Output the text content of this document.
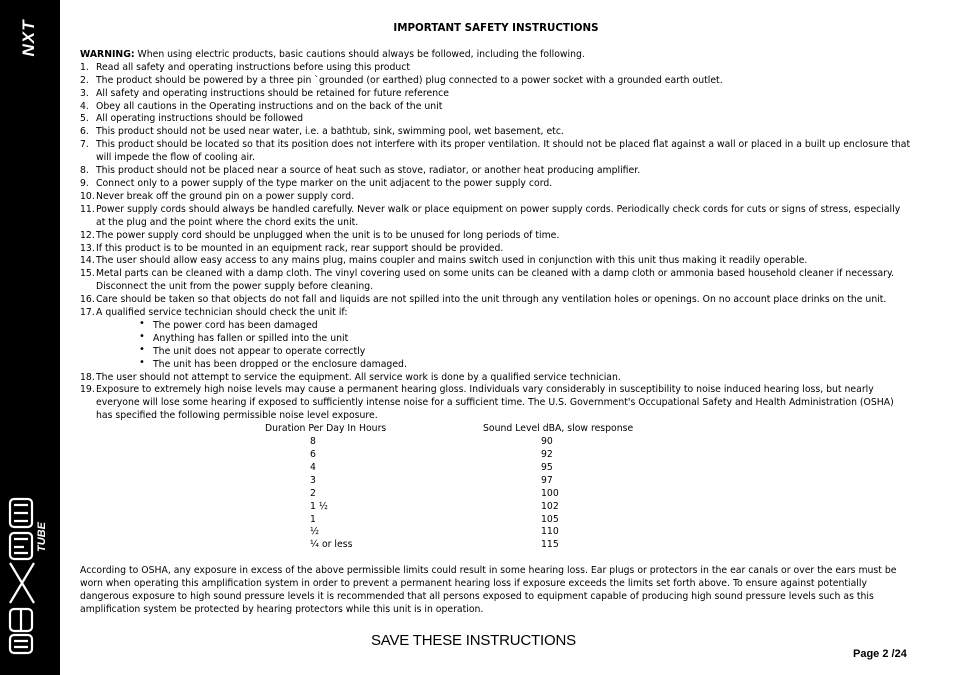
NXT
TUBE
IMPORTANT SAFETY INSTRUCTIONS
WARNING: When using electric products, basic cautions should always be followed, including the following.
1. Read all safety and operating instructions before using this product
2. The product should be powered by a three pin `grounded (or earthed) plug connected to a power socket with a grounded earth outlet.
3. All safety and operating instructions should be retained for future reference
4. Obey all cautions in the Operating instructions and on the back of the unit
5. All operating instructions should be followed
6. This product should not be used near water, i.e. a bathtub, sink, swimming pool, wet basement, etc.
7. This product should be located so that its position does not interfere with its proper ventilation. It should not be placed flat against a wall or placed in a built up enclosure that will impede the flow of cooling air.
8. This product should not be placed near a source of heat such as stove, radiator, or another heat producing amplifier.
9. Connect only to a power supply of the type marker on the unit adjacent to the power supply cord.
10. Never break off the ground pin on a power supply cord.
11. Power supply cords should always be handled carefully. Never walk or place equipment on power supply cords. Periodically check cords for cuts or signs of stress, especially at the plug and the point where the chord exits the unit.
12. The power supply cord should be unplugged when the unit is to be unused for long periods of time.
13. If this product is to be mounted in an equipment rack, rear support should be provided.
14. The user should allow easy access to any mains plug, mains coupler and mains switch used in conjunction with this unit thus making it readily operable.
15. Metal parts can be cleaned with a damp cloth. The vinyl covering used on some units can be cleaned with a damp cloth or ammonia based household cleaner if necessary. Disconnect the unit from the power supply before cleaning.
16. Care should be taken so that objects do not fall and liquids are not spilled into the unit through any ventilation holes or openings. On no account place drinks on the unit.
17. A qualified service technician should check the unit if:
• The power cord has been damaged
• Anything has fallen or spilled into the unit
• The unit does not appear to operate correctly
• The unit has been dropped or the enclosure damaged.
18. The user should not attempt to service the equipment. All service work is done by a qualified service technician.
19. Exposure to extremely high noise levels may cause a permanent hearing gloss. Individuals vary considerably in susceptibility to noise induced hearing loss, but nearly everyone will lose some hearing if exposed to sufficiently intense noise for a sufficient time. The U.S. Government's Occupational Safety and Health Administration (OSHA) has specified the following permissible noise level exposure.
Duration Per Day In Hours	Sound Level dBA, slow response
8	90
6	92
4	95
3	97
2	100
1 ½	102
1	105
½	110
¼ or less	115
According to OSHA, any exposure in excess of the above permissible limits could result in some hearing loss. Ear plugs or protectors in the ear canals or over the ears must be worn when operating this amplification system in order to prevent a permanent hearing loss if exposure exceeds the limits set forth above. To ensure against potentially dangerous exposure to high sound pressure levels it is recommended that all persons exposed to equipment capable of producing high sound pressure levels such as this amplification system be protected by hearing protectors while this unit is in operation.
SAVE THESE INSTRUCTIONS
Page 2 /24
